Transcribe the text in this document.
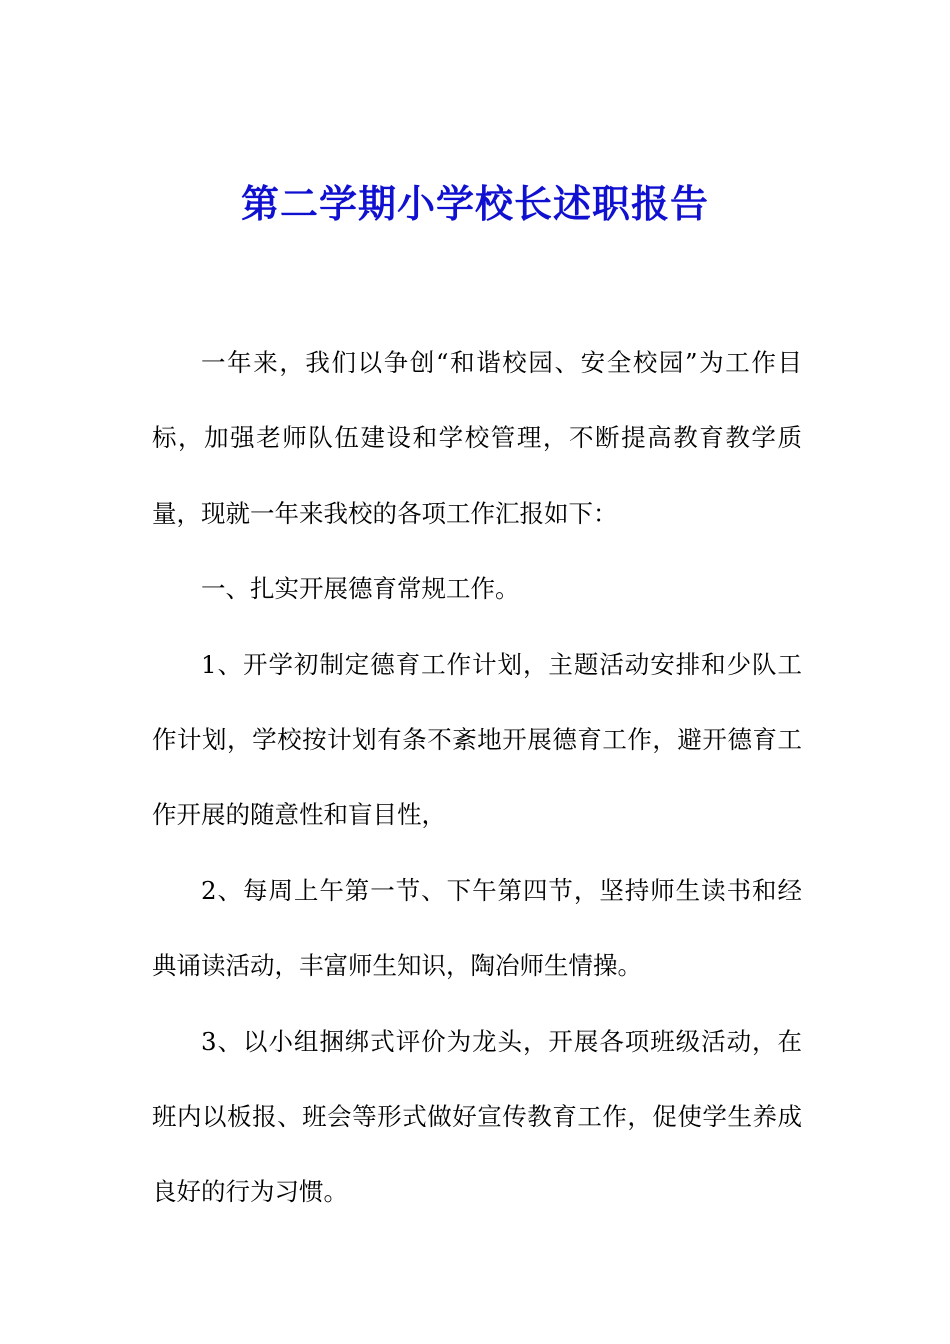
第二学期小学校长述职报告

一年来，我们以争创“和谐校园、安全校园”为工作目标，加强老师队伍建设和学校管理，不断提高教育教学质量，现就一年来我校的各项工作汇报如下：

一、扎实开展德育常规工作。

1、开学初制定德育工作计划，主题活动安排和少队工作计划，学校按计划有条不紊地开展德育工作，避开德育工作开展的随意性和盲目性，

2、每周上午第一节、下午第四节，坚持师生读书和经典诵读活动，丰富师生知识，陶冶师生情操。

3、以小组捆绑式评价为龙头，开展各项班级活动，在班内以板报、班会等形式做好宣传教育工作，促使学生养成良好的行为习惯。
